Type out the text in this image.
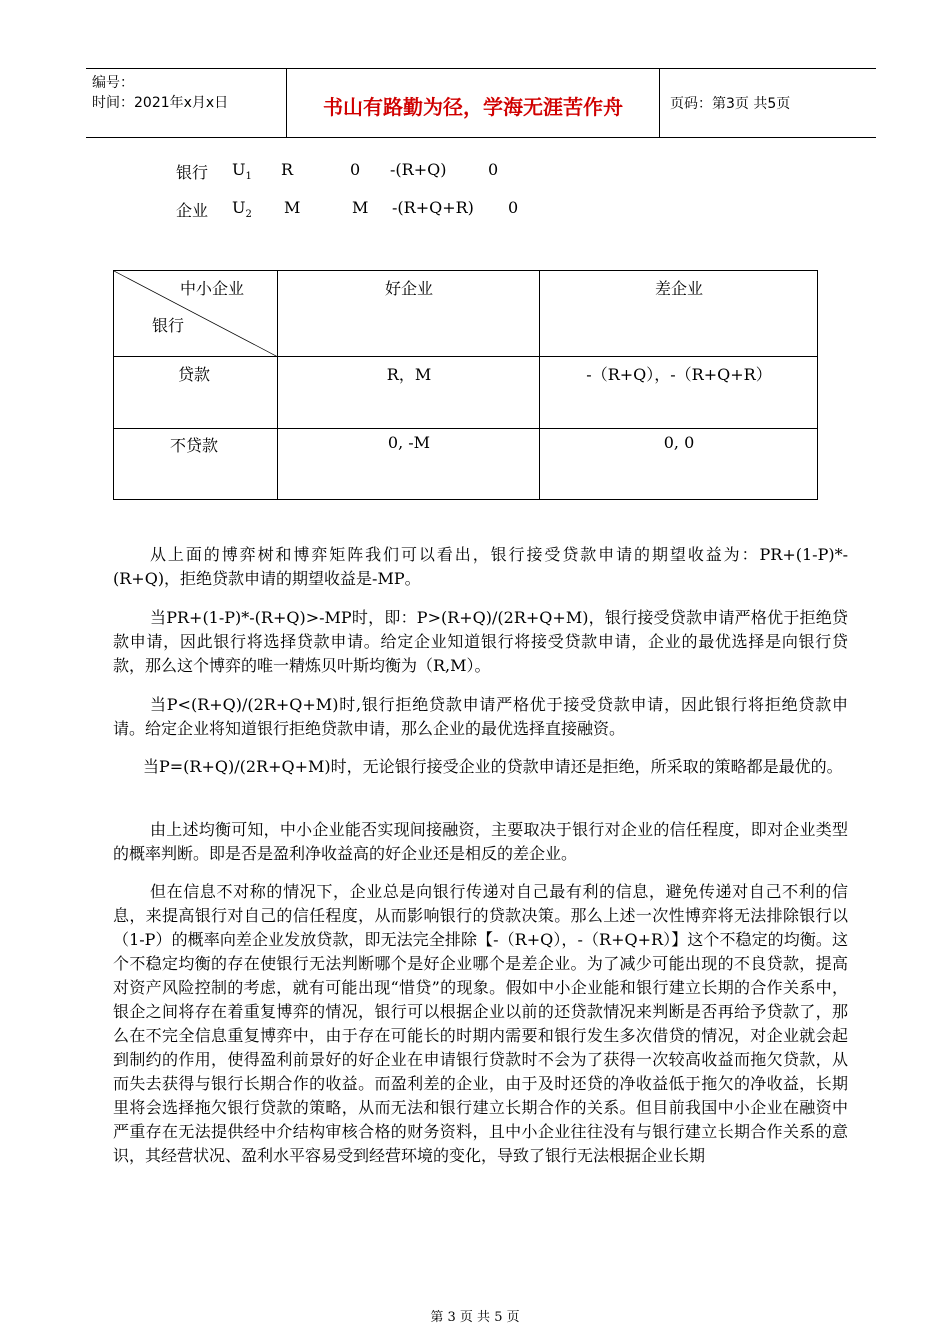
编号：
时间：2021年x月x日	书山有路勤为径，学海无涯苦作舟	页码：第3页 共5页
银行 $U_1$ R	0 -(R+Q)	0
企业 $U_2$ M	M -(R+Q+R) 0
中小企业
银行
好企业	差企业
贷款	R，M	-（R+Q），-（R+Q+R）
不贷款	0, -M	0, 0

从上面的博弈树和博弈矩阵我们可以看出，银行接受贷款申请的期望收益为：PR+(1-P)*-(R+Q)，拒绝贷款申请的期望收益是-MP。

当PR+(1-P)*-(R+Q)>-MP时，即：P>(R+Q)/(2R+Q+M)，银行接受贷款申请严格优于拒绝贷款申请，因此银行将选择贷款申请。给定企业知道银行将接受贷款申请，企业的最优选择是向银行贷款，那么这个博弈的唯一精炼贝叶斯均衡为（R,M）。

当P<(R+Q)/(2R+Q+M)时,银行拒绝贷款申请严格优于接受贷款申请，因此银行将拒绝贷款申请。给定企业将知道银行拒绝贷款申请，那么企业的最优选择直接融资。

当P=(R+Q)/(2R+Q+M)时，无论银行接受企业的贷款申请还是拒绝，所采取的策略都是最优的。

由上述均衡可知，中小企业能否实现间接融资，主要取决于银行对企业的信任程度，即对企业类型的概率判断。即是否是盈利净收益高的好企业还是相反的差企业。

但在信息不对称的情况下，企业总是向银行传递对自己最有利的信息，避免传递对自己不利的信息，来提高银行对自己的信任程度，从而影响银行的贷款决策。那么上述一次性博弈将无法排除银行以（1-P）的概率向差企业发放贷款，即无法完全排除【-（R+Q），-（R+Q+R）】这个不稳定的均衡。这个不稳定均衡的存在使银行无法判断哪个是好企业哪个是差企业。为了减少可能出现的不良贷款，提高对资产风险控制的考虑，就有可能出现“惜贷”的现象。假如中小企业能和银行建立长期的合作关系中，银企之间将存在着重复博弈的情况，银行可以根据企业以前的还贷款情况来判断是否再给予贷款了，那么在不完全信息重复博弈中，由于存在可能长的时期内需要和银行发生多次借贷的情况，对企业就会起到制约的作用，使得盈利前景好的好企业在申请银行贷款时不会为了获得一次较高收益而拖欠贷款，从而失去获得与银行长期合作的收益。而盈利差的企业，由于及时还贷的净收益低于拖欠的净收益，长期里将会选择拖欠银行贷款的策略，从而无法和银行建立长期合作的关系。但目前我国中小企业在融资中严重存在无法提供经中介结构审核合格的财务资料，且中小企业往往没有与银行建立长期合作关系的意识，其经营状况、盈利水平容易受到经营环境的变化，导致了银行无法根据企业长期

第 3 页 共 5 页
